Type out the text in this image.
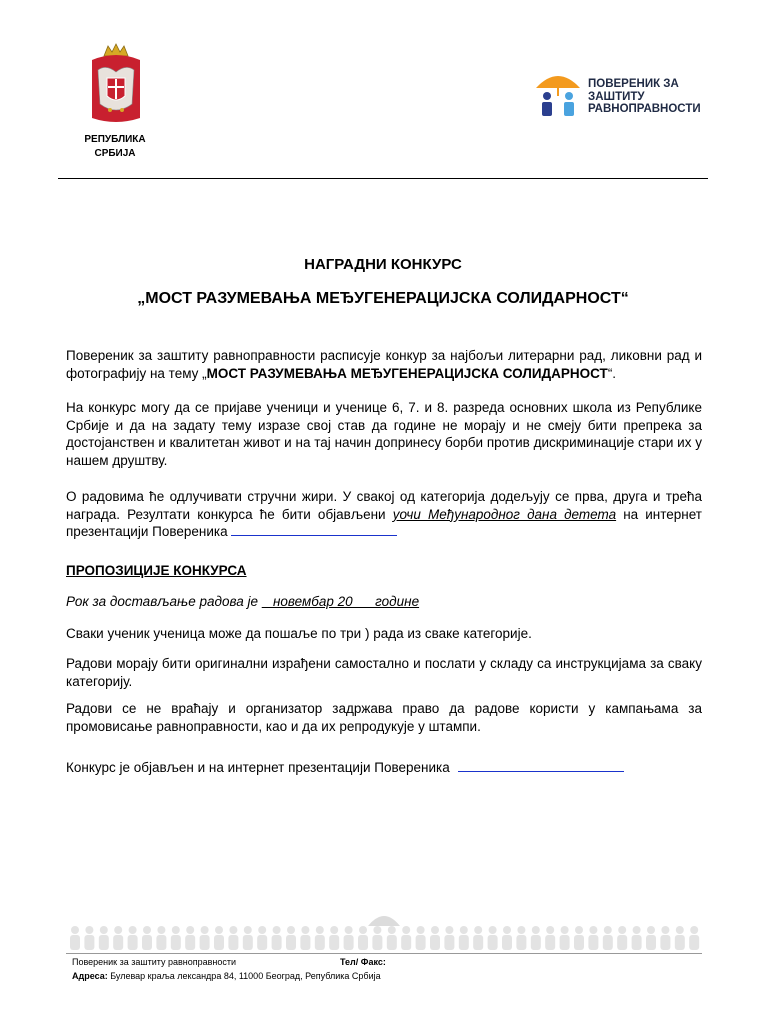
РЕПУБЛИКА
СРБИЈА
ПОВЕРЕНИК ЗА
ЗАШТИТУ
РАВНОПРАВНОСТИ
НАГРАДНИ КОНКУРС
„МОСТ РАЗУМЕВАЊА МЕЂУГЕНЕРАЦИЈСКА СОЛИДАРНОСТ“
Повереник за заштиту равноправности расписује конкур за најбољи литерарни рад, ликовни рад и фотографију на тему „МОСТ РАЗУМЕВАЊА МЕЂУГЕНЕРАЦИЈСКА СОЛИДАРНОСТ“.
На конкурс могу да се пријаве ученици и ученице 6, 7. и 8. разреда основних школа из Републике Србије и да на задату тему изразе свој став да године не морају и не смеју бити препрека за достојанствен и квалитетан живот и на тај начин допринесу борби против дискриминације стари их у нашем друштву.
О радовима ће одлучивати стручни жири. У свакој од категорија додељују се прва, друга и трећа награда. Резултати конкурса ће бити објављени уочи Међународног дана детета на интернет презентацији Повереника
ПРОПОЗИЦИЈЕ КОНКУРСА
Рок за достављање радова је    новембар 20      године
Сваки ученик ученица може да пошаље по три ) рада из сваке категорије.
Радови морају бити оригинални израђени самостално и послати у складу са инструкцијама за сваку категорију.
Радови се не враћају и организатор задржава право да радове користи у кампањама за промовисање равноправности, као и да их репродукује у штампи.
Конкурс је објављен и на интернет презентацији Повереника
Повереник за заштиту равноправности	Тел/ Факс:
Адреса: Булевар краља лександра 84, 11000 Београд, Република Србија
